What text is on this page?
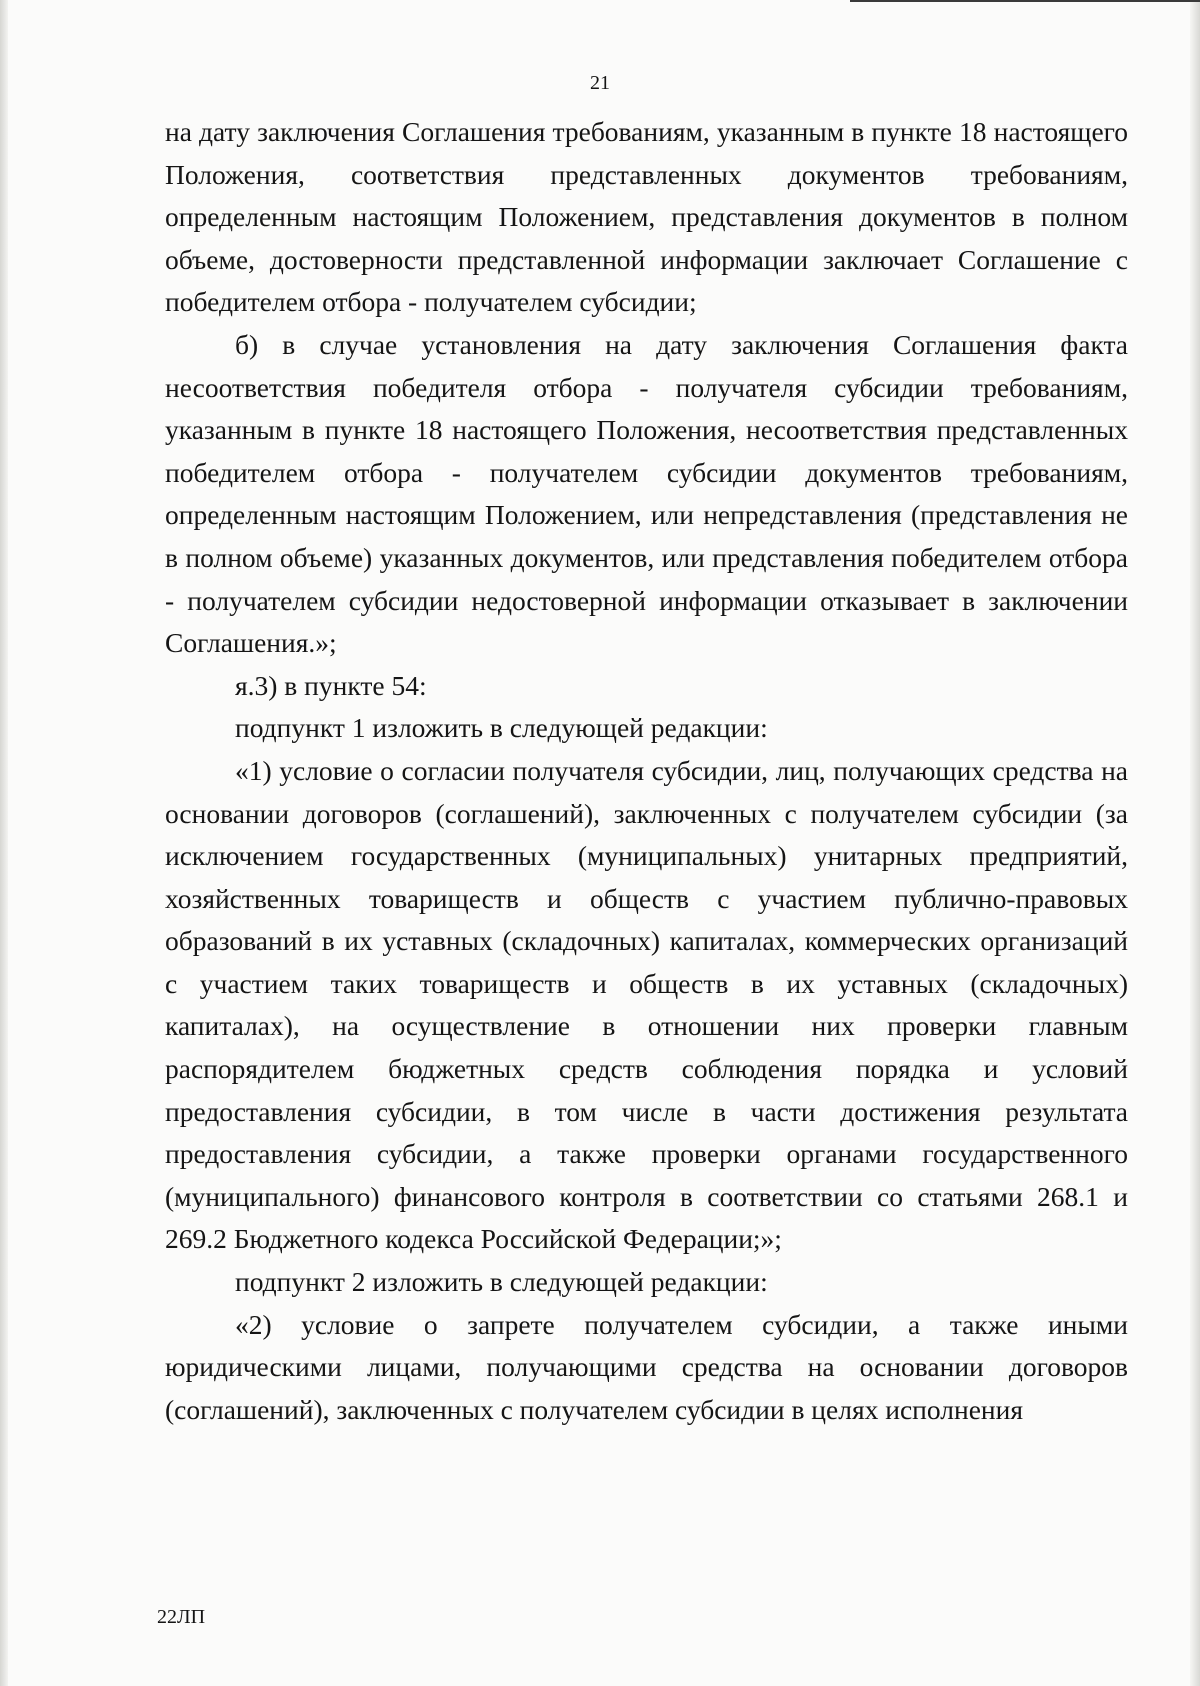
21

на дату заключения Соглашения требованиям, указанным в пункте 18 настоящего Положения, соответствия представленных документов требованиям, определенным настоящим Положением, представления документов в полном объеме, достоверности представленной информации заключает Соглашение с победителем отбора - получателем субсидии;

б) в случае установления на дату заключения Соглашения факта несоответствия победителя отбора - получателя субсидии требованиям, указанным в пункте 18 настоящего Положения, несоответствия представленных победителем отбора - получателем субсидии документов требованиям, определенным настоящим Положением, или непредставления (представления не в полном объеме) указанных документов, или представления победителем отбора - получателем субсидии недостоверной информации отказывает в заключении Соглашения.»;

я.3) в пункте 54:

подпункт 1 изложить в следующей редакции:

«1) условие о согласии получателя субсидии, лиц, получающих средства на основании договоров (соглашений), заключенных с получателем субсидии (за исключением государственных (муниципальных) унитарных предприятий, хозяйственных товариществ и обществ с участием публично-правовых образований в их уставных (складочных) капиталах, коммерческих организаций с участием таких товариществ и обществ в их уставных (складочных) капиталах), на осуществление в отношении них проверки главным распорядителем бюджетных средств соблюдения порядка и условий предоставления субсидии, в том числе в части достижения результата предоставления субсидии, а также проверки органами государственного (муниципального) финансового контроля в соответствии со статьями 268.1 и 269.2 Бюджетного кодекса Российской Федерации;»;

подпункт 2 изложить в следующей редакции:

«2) условие о запрете получателем субсидии, а также иными юридическими лицами, получающими средства на основании договоров (соглашений), заключенных с получателем субсидии в целях исполнения

22ЛП
